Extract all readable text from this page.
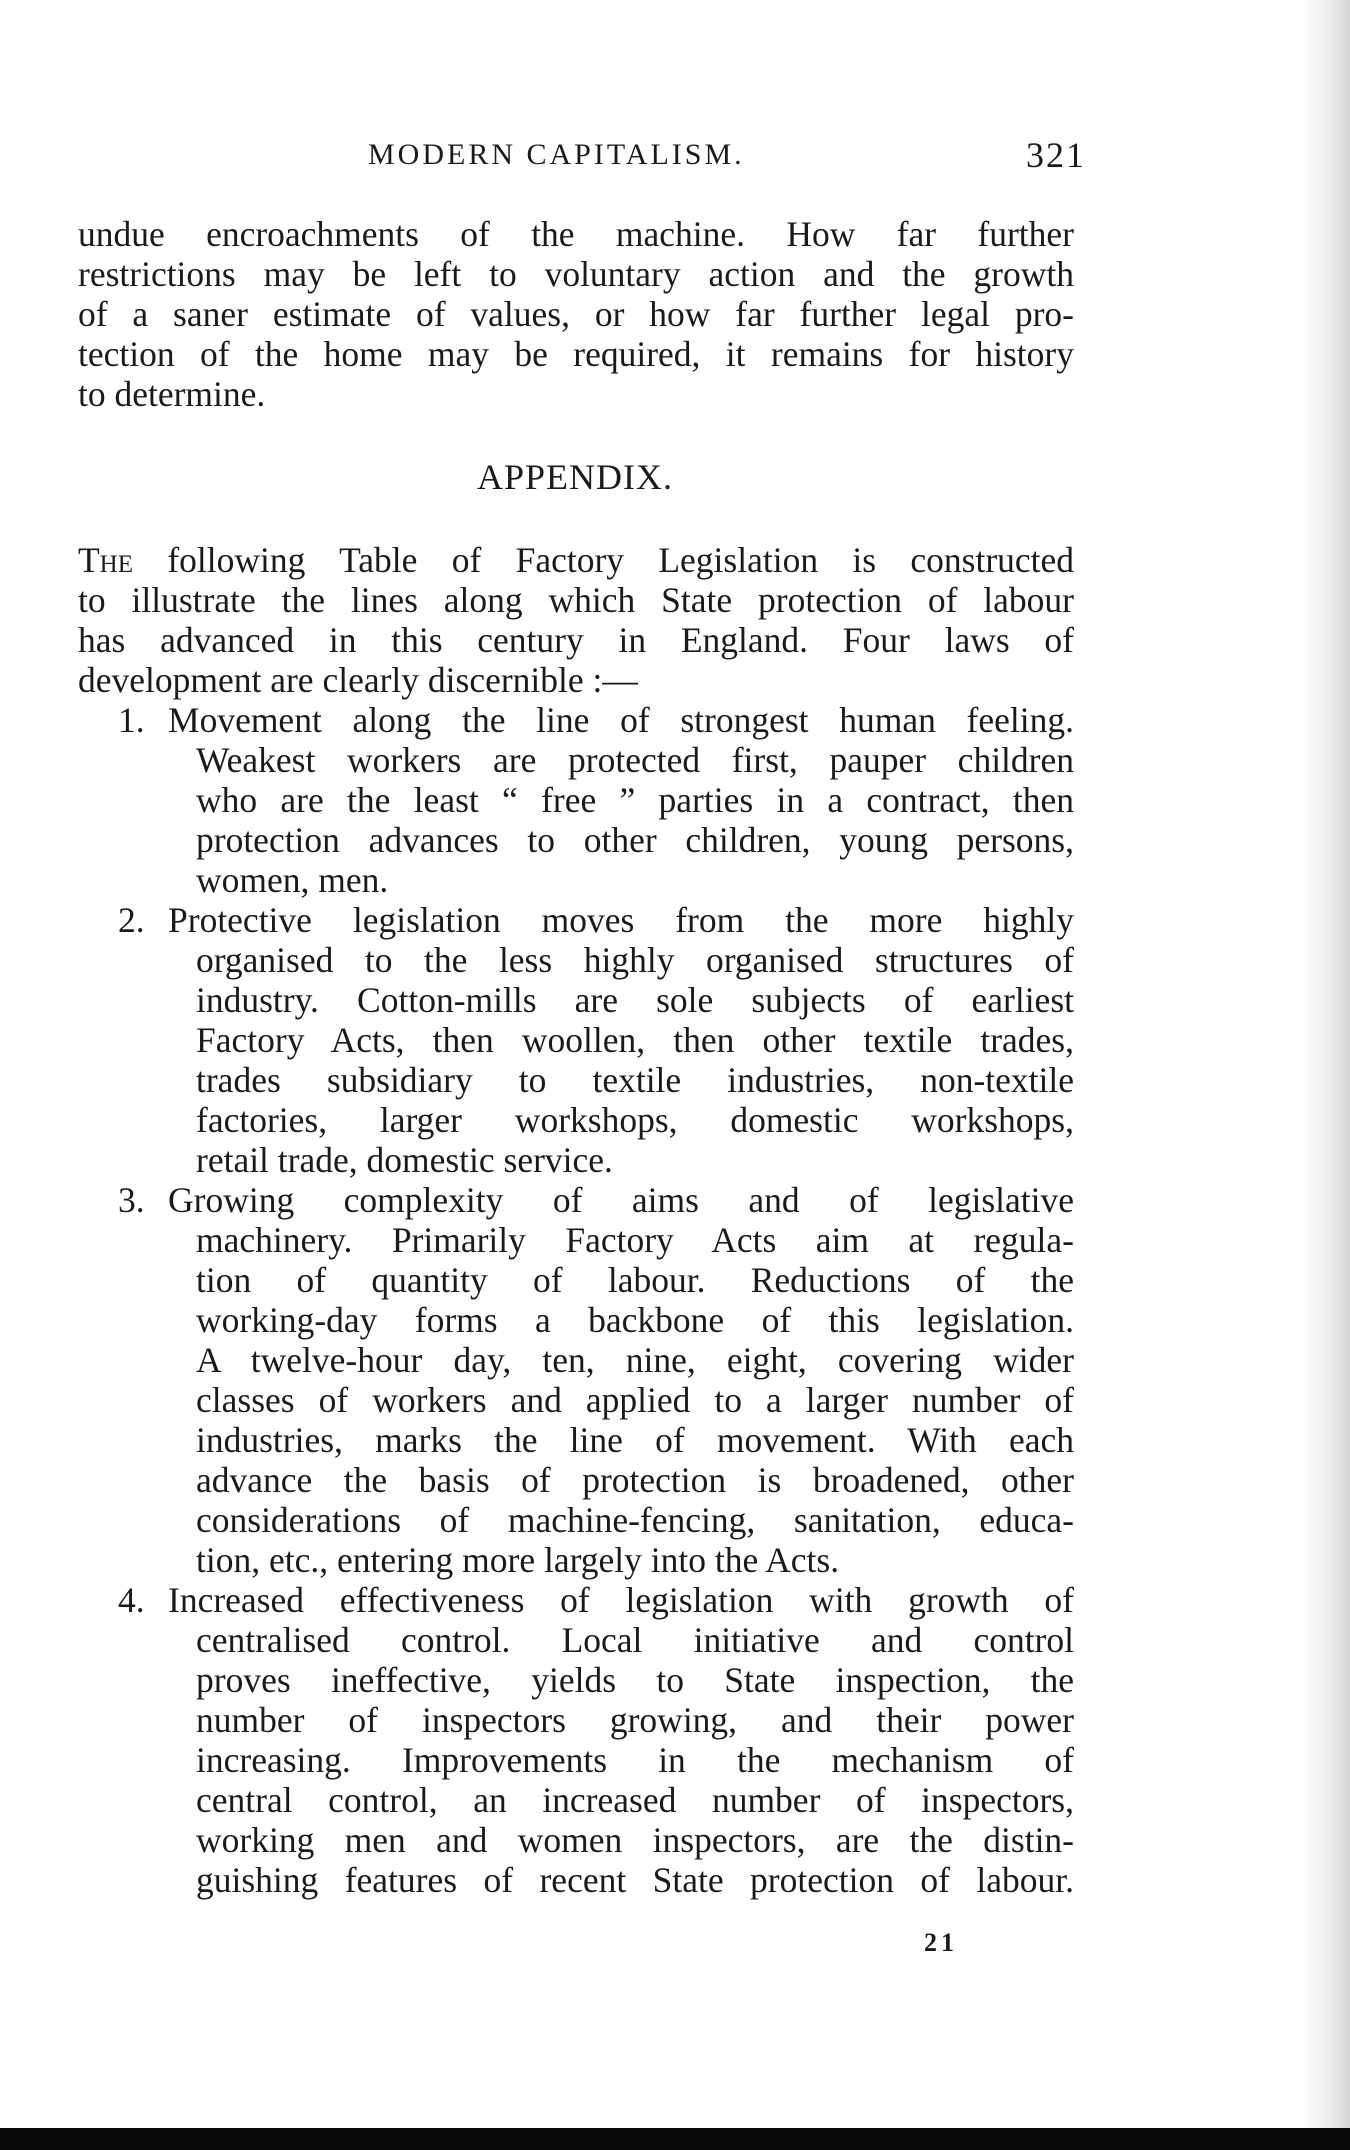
MODERN CAPITALISM.	321
undue encroachments of the machine. How far further
restrictions may be left to voluntary action and the growth
of a saner estimate of values, or how far further legal pro-
tection of the home may be required, it remains for history
to determine.
APPENDIX.
The following Table of Factory Legislation is constructed
to illustrate the lines along which State protection of labour
has advanced in this century in England. Four laws of
development are clearly discernible :—
1. Movement along the line of strongest human feeling.
Weakest workers are protected first, pauper children
who are the least “ free ” parties in a contract, then
protection advances to other children, young persons,
women, men.
2. Protective legislation moves from the more highly
organised to the less highly organised structures of
industry. Cotton-mills are sole subjects of earliest
Factory Acts, then woollen, then other textile trades,
trades subsidiary to textile industries, non-textile
factories, larger workshops, domestic workshops,
retail trade, domestic service.
3. Growing complexity of aims and of legislative
machinery. Primarily Factory Acts aim at regula-
tion of quantity of labour. Reductions of the
working-day forms a backbone of this legislation.
A twelve-hour day, ten, nine, eight, covering wider
classes of workers and applied to a larger number of
industries, marks the line of movement. With each
advance the basis of protection is broadened, other
considerations of machine-fencing, sanitation, educa-
tion, etc., entering more largely into the Acts.
4. Increased effectiveness of legislation with growth of
centralised control. Local initiative and control
proves ineffective, yields to State inspection, the
number of inspectors growing, and their power
increasing. Improvements in the mechanism of
central control, an increased number of inspectors,
working men and women inspectors, are the distin-
guishing features of recent State protection of labour.
21
